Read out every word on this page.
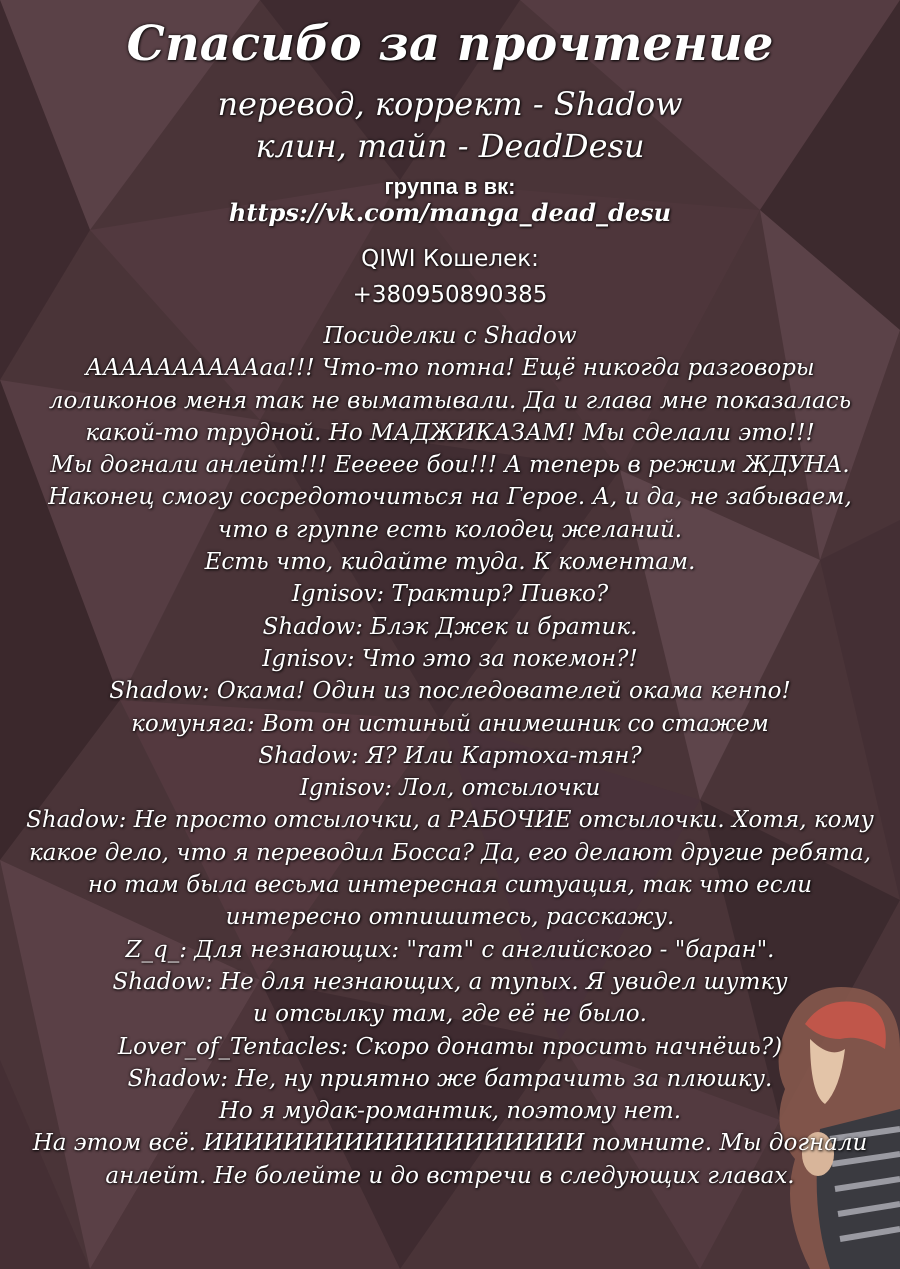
Спасибо за прочтение
перевод, коррект - Shadow
клин, тайп - DeadDesu
группа в вк:
https://vk.com/manga_dead_desu
QIWI Кошелек:
+380950890385
Посиделки с Shadow
ААААААААААаа!!! Что-то потна! Ещё никогда разговоры
лоликонов меня так не выматывали. Да и глава мне показалась
какой-то трудной. Но МАДЖИКАЗАМ! Мы сделали это!!!
Мы догнали анлейт!!! Еееееe бои!!! А теперь в режим ЖДУНА.
Наконец смогу сосредоточиться на Герое. А, и да, не забываем,
что в группе есть колодец желаний.
Есть что, кидайте туда. К комeнтам.
Ignisov: Трактир? Пивко?
Shadow: Блэк Джек и братик.
Ignisov: Что это за покемон?!
Shadow: Окама! Один из последователей окама кенпо!
комуняга: Вот он истиный анимешник со стажем
Shadow: Я? Или Картоха-тян?
Ignisov: Лол, отсылочки
Shadow: Не просто отсылочки, а РАБОЧИЕ отсылочки. Хотя, кому
какое дело, что я переводил Босса? Да, его делают другие ребята,
но там была весьма интересная ситуация, так что если
интересно отпишитесь, расскажу.
Z_q_: Для незнающих: "ram" с английского - "баран".
Shadow: Не для незнающих, а тупых. Я увидел шутку
и отсылку там, где её не было.
Lover_of_Tentacles: Скоро донаты просить начнёшь?)
Shadow: Не, ну приятно же батрачить за плюшку.
Но я мудак-романтик, поэтому нет.
На этом всё. ИИИИИИИИИИИИИИИИИИИ помните. Мы догнали
анлейт. Не болейте и до встречи в следующих главах.
